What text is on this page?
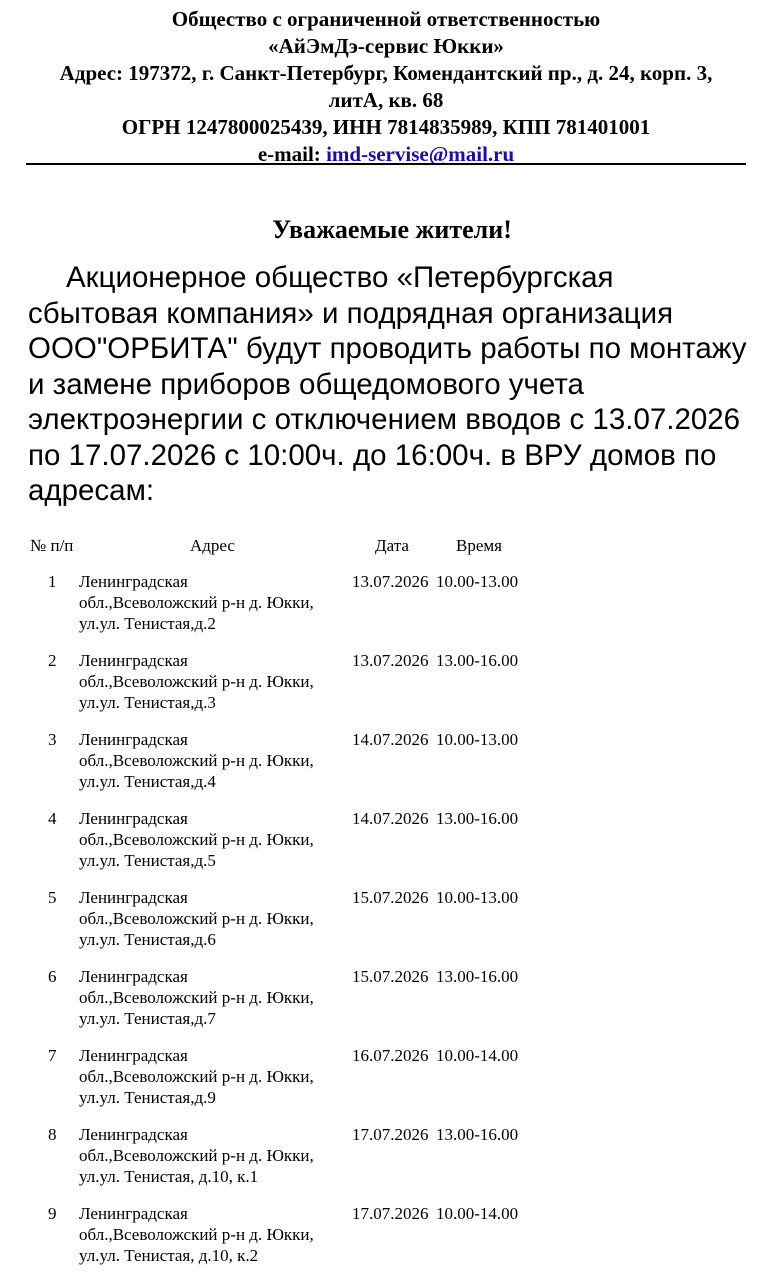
Общество с ограниченной ответственностью
«АйЭмДэ-сервис Юкки»
Адрес: 197372, г. Санкт-Петербург, Комендантский пр., д. 24, корп. 3,
литА, кв. 68
ОГРН 1247800025439, ИНН 7814835989, КПП 781401001
e-mail: imd-servise@mail.ru
Уважаемые жители!
Акционерное общество «Петербургская сбытовая компания» и подрядная организация ООО"ОРБИТА" будут проводить работы по монтажу и замене приборов общедомового учета электроэнергии с отключением вводов с 13.07.2026 по 17.07.2026 с 10:00ч. до 16:00ч. в ВРУ домов по адресам:
№ п/п	Адрес	Дата	Время
1 Ленинградская
обл.,Всеволожский р-н д. Юкки,
ул.ул. Тенистая,д.2
13.07.2026 10.00-13.00
2 Ленинградская
обл.,Всеволожский р-н д. Юкки,
ул.ул. Тенистая,д.3
13.07.2026 13.00-16.00
3 Ленинградская
обл.,Всеволожский р-н д. Юкки,
ул.ул. Тенистая,д.4
14.07.2026 10.00-13.00
4 Ленинградская
обл.,Всеволожский р-н д. Юкки,
ул.ул. Тенистая,д.5
14.07.2026 13.00-16.00
5 Ленинградская
обл.,Всеволожский р-н д. Юкки,
ул.ул. Тенистая,д.6
15.07.2026 10.00-13.00
6 Ленинградская
обл.,Всеволожский р-н д. Юкки,
ул.ул. Тенистая,д.7
15.07.2026 13.00-16.00
7 Ленинградская
обл.,Всеволожский р-н д. Юкки,
ул.ул. Тенистая,д.9
16.07.2026 10.00-14.00
8 Ленинградская
обл.,Всеволожский р-н д. Юкки,
ул.ул. Тенистая, д.10, к.1
17.07.2026 13.00-16.00
9 Ленинградская
обл.,Всеволожский р-н д. Юкки,
ул.ул. Тенистая, д.10, к.2
17.07.2026 10.00-14.00
